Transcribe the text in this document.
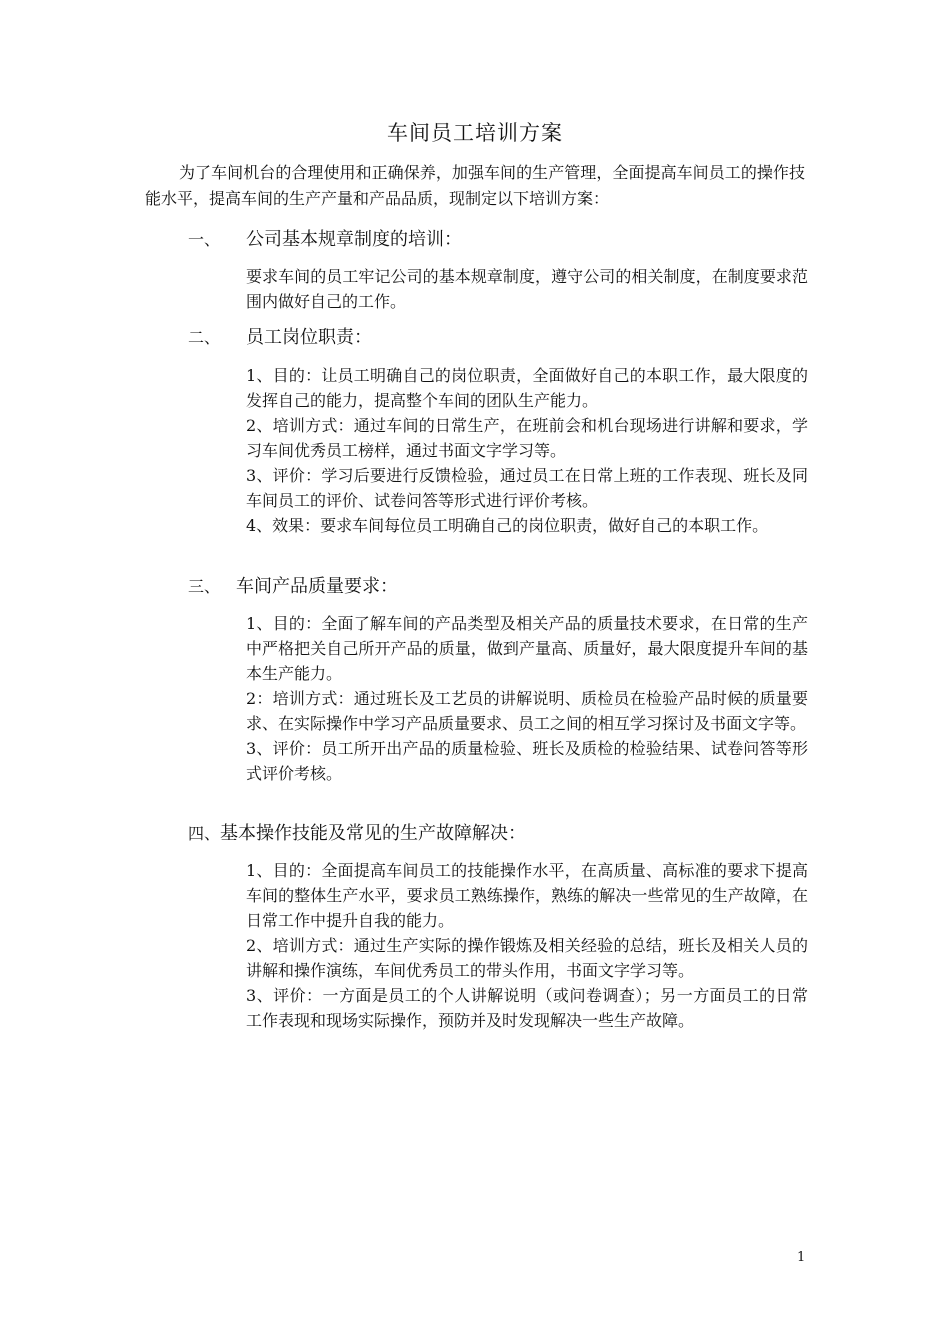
车间员工培训方案
为了车间机台的合理使用和正确保养，加强车间的生产管理，全面提高车间员工的操作技能水平，提高车间的生产产量和产品品质，现制定以下培训方案：
一、 公司基本规章制度的培训：

要求车间的员工牢记公司的基本规章制度，遵守公司的相关制度，在制度要求范围内做好自己的工作。

二、 员工岗位职责：

1、目的：让员工明确自己的岗位职责，全面做好自己的本职工作，最大限度的发挥自己的能力，提高整个车间的团队生产能力。

2、培训方式：通过车间的日常生产，在班前会和机台现场进行讲解和要求，学习车间优秀员工榜样，通过书面文字学习等。

3、评价：学习后要进行反馈检验，通过员工在日常上班的工作表现、班长及同车间员工的评价、试卷问答等形式进行评价考核。

4、效果：要求车间每位员工明确自己的岗位职责，做好自己的本职工作。

三、 车间产品质量要求：

1、目的：全面了解车间的产品类型及相关产品的质量技术要求，在日常的生产中严格把关自己所开产品的质量，做到产量高、质量好，最大限度提升车间的基本生产能力。

2：培训方式：通过班长及工艺员的讲解说明、质检员在检验产品时候的质量要求、在实际操作中学习产品质量要求、员工之间的相互学习探讨及书面文字等。

3、评价：员工所开出产品的质量检验、班长及质检的检验结果、试卷问答等形式评价考核。

四、基本操作技能及常见的生产故障解决：

1、目的：全面提高车间员工的技能操作水平，在高质量、高标准的要求下提高车间的整体生产水平，要求员工熟练操作，熟练的解决一些常见的生产故障，在日常工作中提升自我的能力。

2、培训方式：通过生产实际的操作锻炼及相关经验的总结，班长及相关人员的讲解和操作演练，车间优秀员工的带头作用，书面文字学习等。

3、评价：一方面是员工的个人讲解说明（或问卷调查）；另一方面员工的日常工作表现和现场实际操作，预防并及时发现解决一些生产故障。

1
